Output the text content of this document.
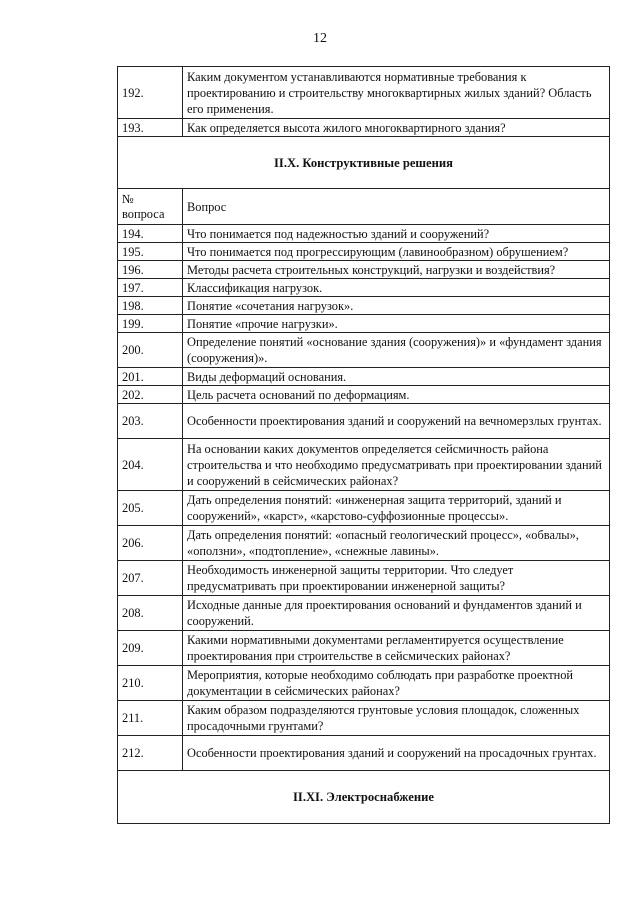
12
192.	Каким документом устанавливаются нормативные требования к проектированию и строительству многоквартирных жилых зданий? Область его применения.
193.	Как определяется высота жилого многоквартирного здания?
II.X. Конструктивные решения	
№ вопроса	Вопрос
194.	Что понимается под надежностью зданий и сооружений?
195.	Что понимается под прогрессирующим (лавинообразном) обрушением?
196.	Методы расчета строительных конструкций, нагрузки и воздействия?
197.	Классификация нагрузок.
198.	Понятие «сочетания нагрузок».
199.	Понятие «прочие нагрузки».
200.	Определение понятий «основание здания (сооружения)» и «фундамент здания (сооружения)».
201.	Виды деформаций основания.
202.	Цель расчета оснований по деформациям.
203.	Особенности проектирования зданий и сооружений на вечномерзлых грунтах.
204.	На основании каких документов определяется сейсмичность района строительства и что необходимо предусматривать при проектировании зданий и сооружений в сейсмических районах?
205.	Дать определения понятий: «инженерная защита территорий, зданий и сооружений», «карст», «карстово-суффозионные процессы».
206.	Дать определения понятий: «опасный геологический процесс», «обвалы», «оползни», «подтопление», «снежные лавины».
207.	Необходимость инженерной защиты территории. Что следует предусматривать при проектировании инженерной защиты?
208.	Исходные данные для проектирования оснований и фундаментов зданий и сооружений.
209.	Какими нормативными документами регламентируется осуществление проектирования при строительстве в сейсмических районах?
210.	Мероприятия, которые необходимо соблюдать при разработке проектной документации в сейсмических районах?
211.	Каким образом подразделяются грунтовые условия площадок, сложенных просадочными грунтами?
212.	Особенности проектирования зданий и сооружений на просадочных грунтах.
II.XI. Электроснабжение	
